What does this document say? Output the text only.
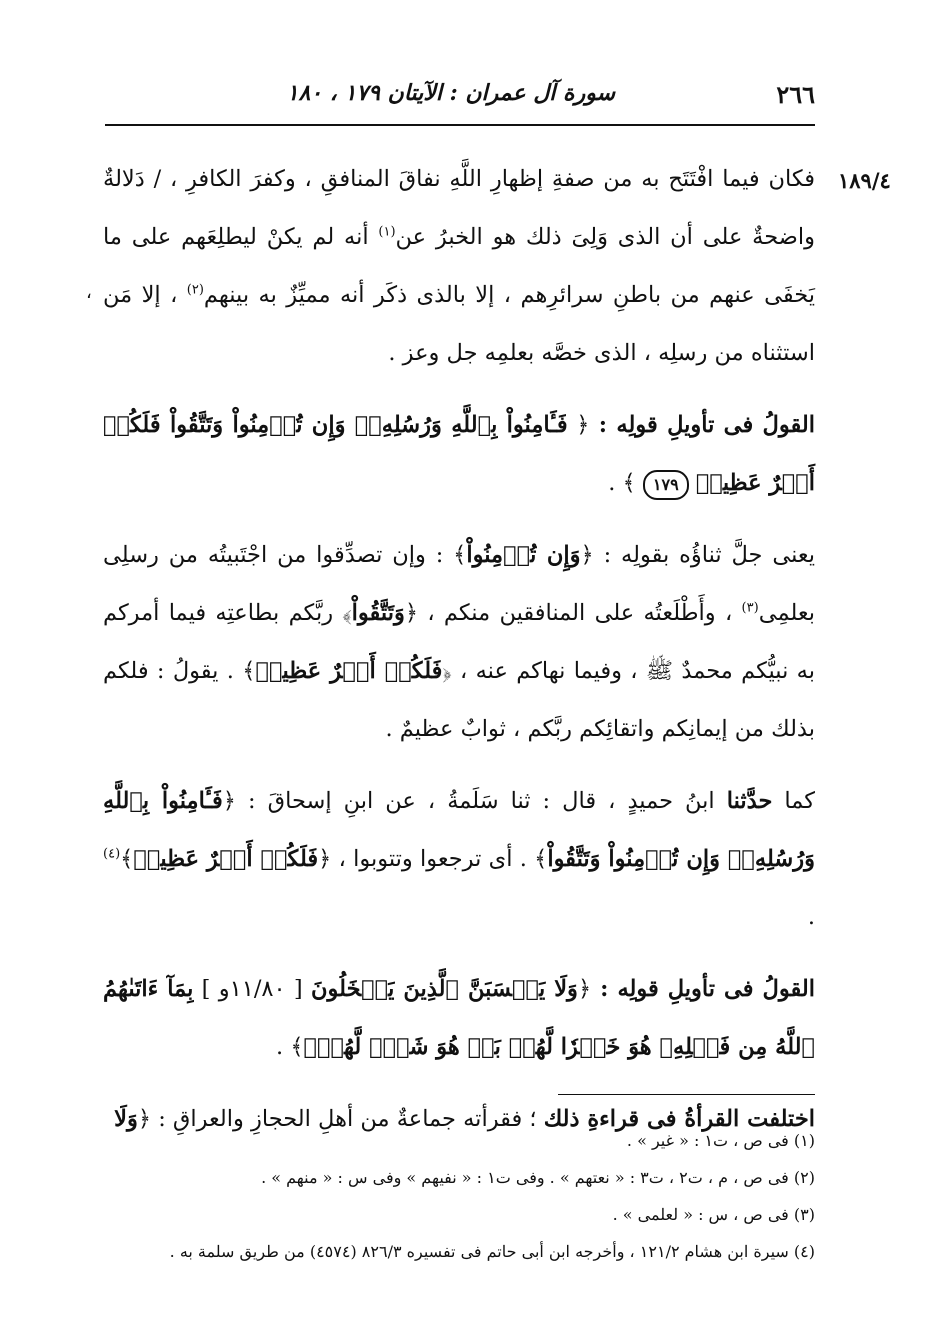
٢٦٦
سورة آل عمران : الآيتان ١٧٩ ، ١٨٠
١٨٩/٤
،

فكان فيما افْتَتَح به من صفةِ إظهارِ اللَّهِ نفاقَ المنافقِ ، وكفرَ الكافرِ ، / دَلالةٌ واضحةٌ على أن الذى وَلِىَ ذلك هو الخبرُ عن$^{(١)}$ أنه لم يكنْ ليطلِعَهم على ما يَخفَى عنهم من باطنِ سرائرِهم ، إلا بالذى ذكَر أنه مميِّزٌ به بينهم$^{(٢)}$ ، إلا مَن استثناه من رسلِه ، الذى خصَّه بعلمِه جل وعز .

القولُ فى تأويلِ قولِه : ﴿ فَـَٔامِنُواْ بِٱللَّهِ وَرُسُلِهِۦۚ وَإِن تُؤۡمِنُواْ وَتَتَّقُواْ فَلَكُمۡ أَجۡرٌ عَظِيمٞ ١٧٩ ﴾ .

يعنى جلَّ ثناؤُه بقولِه : ﴿وَإِن تُؤۡمِنُواْ﴾ : وإن تصدِّقوا من اجْتَبيتُه من رسلِى بعلمِى$^{(٣)}$ ، وأَطْلَعتُه على المنافقين منكم ، ﴿وَتَتَّقُواْ﴾ ربَّكم بطاعتِه فيما أمركم به نبيُّكم محمدٌ ﷺ ، وفيما نهاكم عنه ، ﴿فَلَكُمۡ أَجۡرٌ عَظِيمٞ﴾ . يقولُ : فلكم بذلك من إيمانِكم واتقائِكم ربَّكم ، ثوابٌ عظيمٌ .

كما حدَّثنا ابنُ حميدٍ ، قال : ثنا سَلَمةُ ، عن ابنِ إسحاقَ : ﴿فَـَٔامِنُواْ بِٱللَّهِ وَرُسُلِهِۦۚ وَإِن تُؤۡمِنُواْ وَتَتَّقُواْ﴾ . أى ترجعوا وتتوبوا ، ﴿فَلَكُمۡ أَجۡرٌ عَظِيمٞ﴾$^{(٤)}$ .

القولُ فى تأويلِ قولِه : ﴿وَلَا يَحۡسَبَنَّ ٱلَّذِينَ يَبۡخَلُونَ [ ١١/٨٠و ] بِمَآ ءَاتَىٰهُمُ ٱللَّهُ مِن فَضۡلِهِۦ هُوَ خَيۡرٗا لَّهُمۖ بَلۡ هُوَ شَرّٞ لَّهُمۡۖ﴾ .

اختلفت القرأةُ فى قراءةِ ذلك ؛ فقرأته جماعةٌ من أهلِ الحجازِ والعراقِ : ﴿وَلَا

(١) فى ص ، ت١ : « غير » .

(٢) فى ص ، م ، ت٢ ، ت٣ : « نعتهم » . وفى ت١ : « نفيهم » وفى س : « منهم » .

(٣) فى ص ، س : « لعلمى » .

(٤) سيرة ابن هشام ١٢١/٢ ، وأخرجه ابن أبى حاتم فى تفسيره ٨٢٦/٣ (٤٥٧٤) من طريق سلمة به .
